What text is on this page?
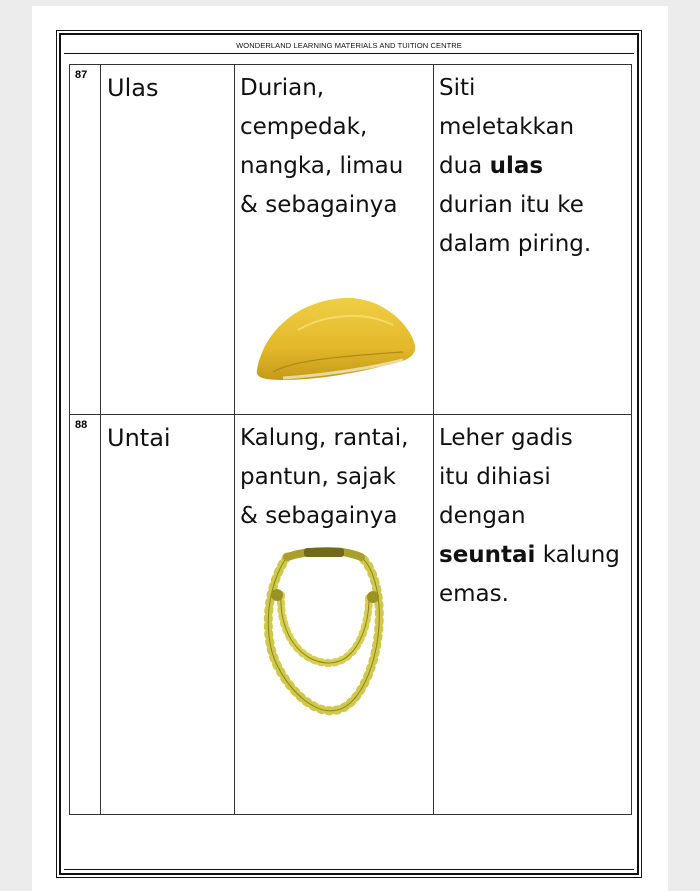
WONDERLAND LEARNING MATERIALS AND TUITION CENTRE
87	Ulas	Durian,
cempedak,
nangka, limau
& sebagainya	Siti
meletakkan
dua ulas
durian itu ke
dalam piring.

88	Untai	Kalung, rantai,
pantun, sajak
& sebagainya	Leher gadis
itu dihiasi
dengan
seuntai kalung
emas.
